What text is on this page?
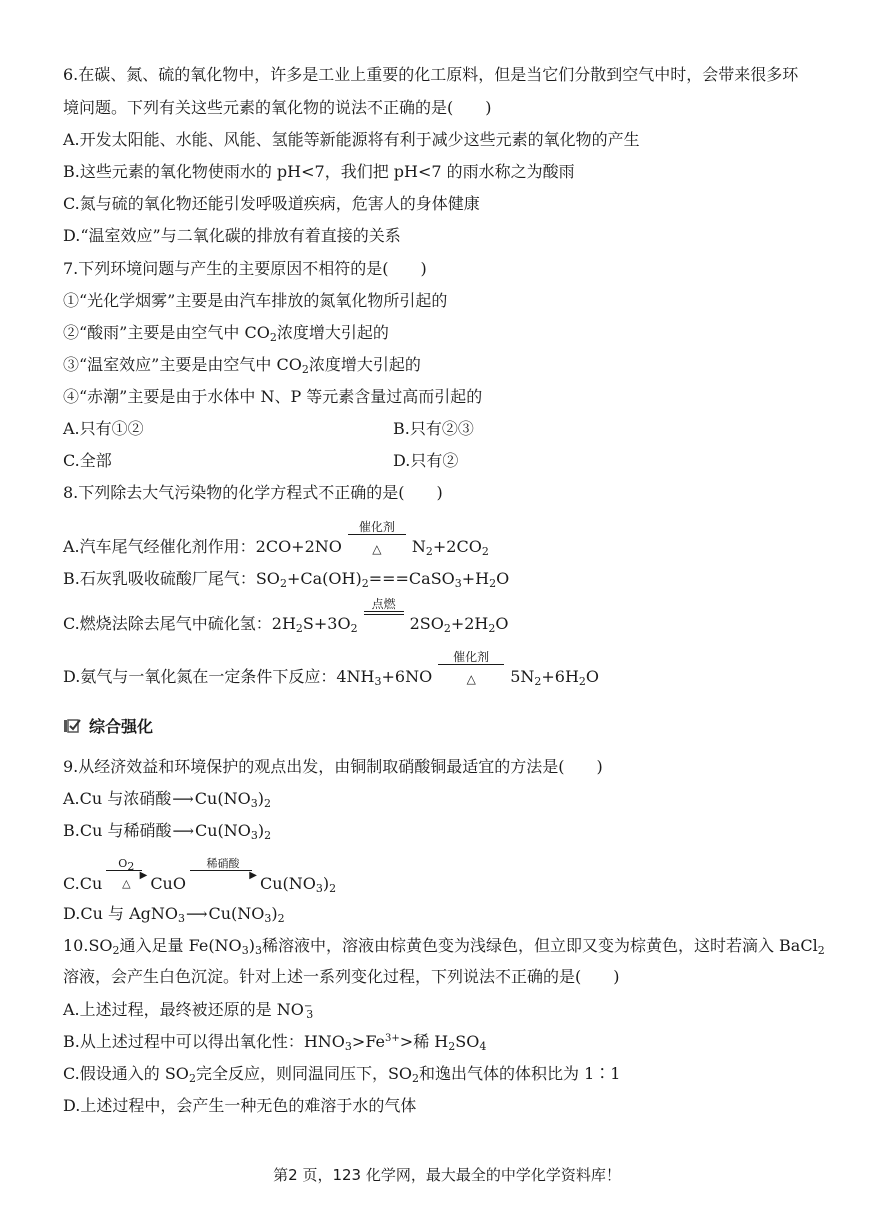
6.在碳、氮、硫的氧化物中，许多是工业上重要的化工原料，但是当它们分散到空气中时，会带来很多环
境问题。下列有关这些元素的氧化物的说法不正确的是(　　)
A.开发太阳能、水能、风能、氢能等新能源将有利于减少这些元素的氧化物的产生
B.这些元素的氧化物使雨水的 pH<7，我们把 pH<7 的雨水称之为酸雨
C.氮与硫的氧化物还能引发呼吸道疾病，危害人的身体健康
D.“温室效应”与二氧化碳的排放有着直接的关系
7.下列环境问题与产生的主要原因不相符的是(　　)
①“光化学烟雾”主要是由汽车排放的氮氧化物所引起的
②“酸雨”主要是由空气中 $CO_2$浓度增大引起的
③“温室效应”主要是由空气中 $CO_2$浓度增大引起的
④“赤潮”主要是由于水体中 N、P 等元素含量过高而引起的
A.只有①②	B.只有②③
C.全部	D.只有②
8.下列除去大气污染物的化学方程式不正确的是(　　)
A.汽车尾气经催化剂作用：2CO+2NO
催化剂
△	$N_2+2CO_2$
B.石灰乳吸收硫酸厂尾气：$SO_2+Ca(OH)_2===CaSO_3+H_2O$
C.燃烧法除去尾气中硫化氢：$2H_2S+3O_2$
点燃
$2SO_2+2H_2O$
D.氨气与一氧化氮在一定条件下反应：$4NH_3+6NO$
催化剂
△	$5N_2+6H_2O$
综合强化
9.从经济效益和环境保护的观点出发，由铜制取硝酸铜最适宜的方法是(　　)
A.Cu 与浓硝酸$⟶Cu(NO_3)_2$
B.Cu 与稀硝酸$⟶Cu(NO_3)_2$
C.Cu
$O_2$
▶
△	CuO
稀硝酸
▶ $Cu(NO_3)_2$
D.Cu 与 $AgNO_3⟶Cu(NO_3)_2$
$10.SO_2$通入足量 $Fe(NO_3)_3$稀溶液中，溶液由棕黄色变为浅绿色，但立即又变为棕黄色，这时若滴入 BaCl$_2$
溶液，会产生白色沉淀。针对上述一系列变化过程，下列说法不正确的是(　　)
A.上述过程，最终被还原的是 $NO^-_3$
B.从上述过程中可以得出氧化性：$HNO_3>Fe^{3+}>$稀 $H_2SO_4$
C.假设通入的 $SO_2$完全反应，则同温同压下，$SO_2$和逸出气体的体积比为 1∶1
D.上述过程中，会产生一种无色的难溶于水的气体
第2 页，123 化学网，最大最全的中学化学资料库！
